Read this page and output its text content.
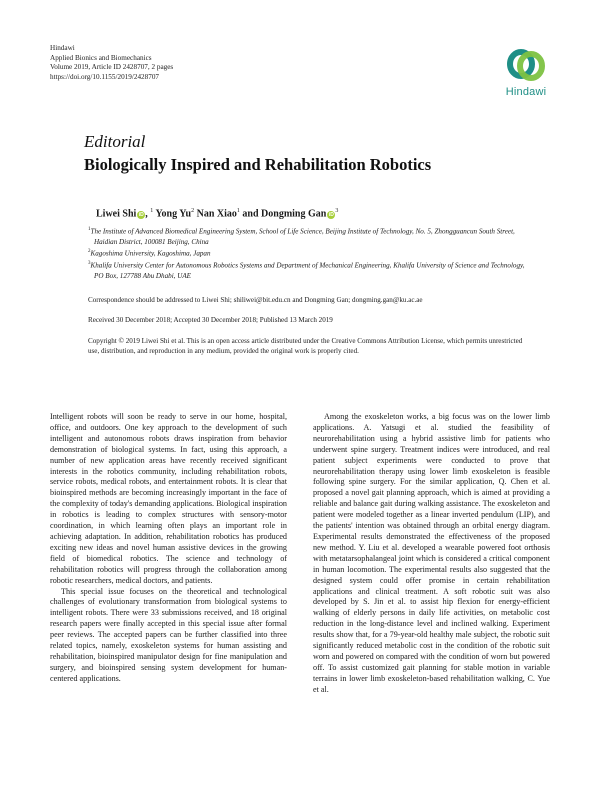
Hindawi
Applied Bionics and Biomechanics
Volume 2019, Article ID 2428707, 2 pages
https://doi.org/10.1155/2019/2428707
Hindawi
Editorial
Biologically Inspired and Rehabilitation Robotics
Liwei Shi iD , $^1$ Yong Yu$^2$ Nan Xiao$^1$ and Dongming Gan $iD^3$
$^1$The Institute of Advanced Biomedical Engineering System, School of Life Science, Beijing Institute of Technology, No. 5, Zhongguancun South Street, Haidian District, 100081 Beijing, China
$^2$Kagoshima University, Kagoshima, Japan
$^3$Khalifa University Center for Autonomous Robotics Systems and Department of Mechanical Engineering, Khalifa University of Science and Technology, PO Box, 127788 Abu Dhabi, UAE
Correspondence should be addressed to Liwei Shi; shiliwei@bit.edu.cn and Dongming Gan; dongming.gan@ku.ac.ae
Received 30 December 2018; Accepted 30 December 2018; Published 13 March 2019
Copyright © 2019 Liwei Shi et al. This is an open access article distributed under the Creative Commons Attribution License, which permits unrestricted use, distribution, and reproduction in any medium, provided the original work is properly cited.

Intelligent robots will soon be ready to serve in our home, hospital, office, and outdoors. One key approach to the development of such intelligent and autonomous robots draws inspiration from behavior demonstration of biological systems. In fact, using this approach, a number of new application areas have recently received significant interests in the robotics community, including rehabilitation robots, service robots, medical robots, and entertainment robots. It is clear that bioinspired methods are becoming increasingly important in the face of the complexity of today's demanding applications. Biological inspiration in robotics is leading to complex structures with sensory-motor coordination, in which learning often plays an important role in achieving adaptation. In addition, rehabilitation robotics has produced exciting new ideas and novel human assistive devices in the growing field of biomedical robotics. The science and technology of rehabilitation robotics will progress through the collaboration among robotic researchers, medical doctors, and patients.

This special issue focuses on the theoretical and technological challenges of evolutionary transformation from biological systems to intelligent robots. There were 33 submissions received, and 18 original research papers were finally accepted in this special issue after formal peer reviews. The accepted papers can be further classified into three related topics, namely, exoskeleton systems for human assisting and rehabilitation, bioinspired manipulator design for fine manipulation and surgery, and bioinspired sensing system development for human-centered applications.

Among the exoskeleton works, a big focus was on the lower limb applications. A. Yatsugi et al. studied the feasibility of neurorehabilitation using a hybrid assistive limb for patients who underwent spine surgery. Treatment indices were introduced, and real patient subject experiments were conducted to prove that neurorehabilitation therapy using lower limb exoskeleton is feasible following spine surgery. For the similar application, Q. Chen et al. proposed a novel gait planning approach, which is aimed at providing a reliable and balance gait during walking assistance. The exoskeleton and patient were modeled together as a linear inverted pendulum (LIP), and the patients' intention was obtained through an orbital energy diagram. Experimental results demonstrated the effectiveness of the proposed new method. Y. Liu et al. developed a wearable powered foot orthosis with metatarsophalangeal joint which is considered a critical component in human locomotion. The experimental results also suggested that the designed system could offer promise in certain rehabilitation applications and clinical treatment. A soft robotic suit was also developed by S. Jin et al. to assist hip flexion for energy-efficient walking of elderly persons in daily life activities, on metabolic cost reduction in the long-distance level and inclined walking. Experiment results show that, for a 79-year-old healthy male subject, the robotic suit significantly reduced metabolic cost in the condition of the robotic suit worn and powered on compared with the condition of worn but powered off. To assist customized gait planning for stable motion in variable terrains in lower limb exoskeleton-based rehabilitation walking, C. Yue et al.
